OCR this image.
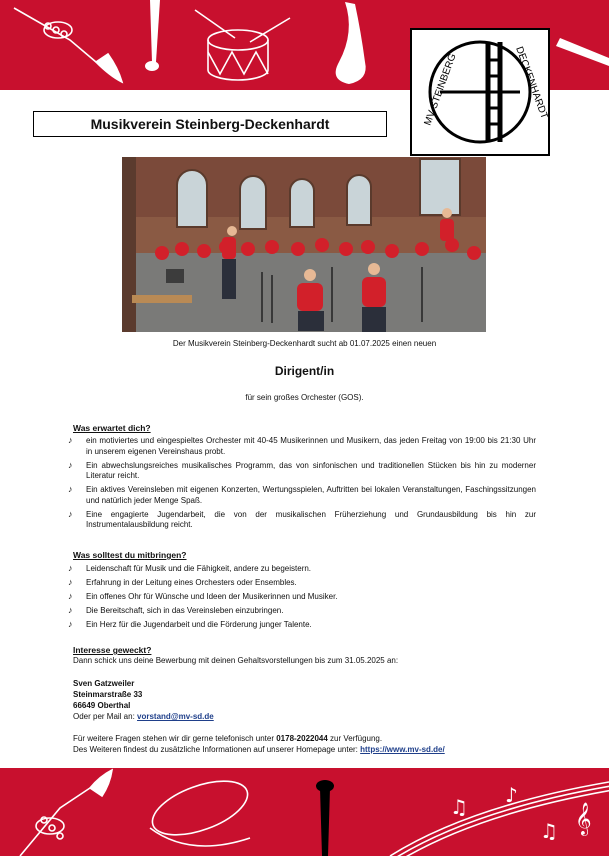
MV STEINBERG	DECKENHARDT
Musikverein Steinberg-Deckenhardt
Der Musikverein Steinberg-Deckenhardt sucht ab 01.07.2025 einen neuen
Dirigent/in
für sein großes Orchester (GOS).
Was erwartet dich?
♪ ein motiviertes und eingespieltes Orchester mit 40-45 Musikerinnen und Musikern, das jeden Freitag von 19:00 bis 21:30 Uhr in unserem eigenen Vereinshaus probt.
♪ Ein abwechslungsreiches musikalisches Programm, das von sinfonischen und traditionellen Stücken bis hin zu moderner Literatur reicht.
♪ Ein aktives Vereinsleben mit eigenen Konzerten, Wertungsspielen, Auftritten bei lokalen Veranstaltungen, Faschingssitzungen und natürlich jeder Menge Spaß.
♪ Eine engagierte Jugendarbeit, die von der musikalischen Früherziehung und Grundausbildung bis hin zur Instrumentalausbildung reicht.
Was solltest du mitbringen?
♪ Leidenschaft für Musik und die Fähigkeit, andere zu begeistern.
♪ Erfahrung in der Leitung eines Orchesters oder Ensembles.
♪ Ein offenes Ohr für Wünsche und Ideen der Musikerinnen und Musiker.
♪ Die Bereitschaft, sich in das Vereinsleben einzubringen.
♪ Ein Herz für die Jugendarbeit und die Förderung junger Talente.
Interesse geweckt?
Dann schick uns deine Bewerbung mit deinen Gehaltsvorstellungen bis zum 31.05.2025 an:
Sven Gatzweiler
Steinmarstraße 33
66649 Oberthal
Oder per Mail an: vorstand@mv-sd.de
Für weitere Fragen stehen wir dir gerne telefonisch unter 0178-2022044 zur Verfügung.
Des Weiteren findest du zusätzliche Informationen auf unserer Homepage unter: https://www.mv-sd.de/
♫ ♪
♫ 𝄞
